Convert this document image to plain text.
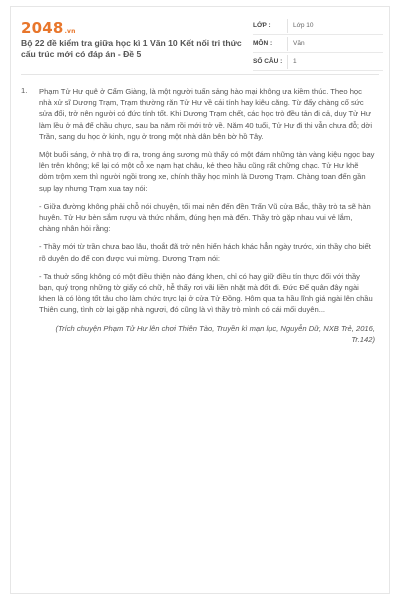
2048.vn
Bộ 22 đề kiểm tra giữa học kì 1 Văn 10 Kết nối tri thức cấu trúc mới có đáp án - Đề 5
LỚP :	Lớp 10
MÔN :	Văn
SỐ CÂU : 1
1. Phạm Tử Hư quê ở Cẩm Giàng, là một người tuấn sảng hào mại không ưa kiềm thúc. Theo học nhà xử sĩ Dương Trạm, Trạm thường răn Tử Hư về cái tính hay kiêu căng. Từ đấy chàng cố sức sửa đổi, trở nên người có đức tính tốt. Khi Dương Trạm chết, các học trò đều tản đi cả, duy Tử Hư làm lều ở mả để chầu chực, sau ba năm rồi mới trở về. Năm 40 tuổi, Tử Hư đi thi vẫn chưa đỗ; dời Trần, sang du học ở kinh, ngụ ở trong một nhà dân bên bờ hồ Tây.

Một buổi sáng, ở nhà trọ đi ra, trong áng sương mù thấy có một đám những tàn vàng kiệu ngọc bay lên trên không; kế lại có một cỗ xe nạm hạt châu, kẻ theo hầu cũng rất chững chạc. Tử Hư khẽ dòm trộm xem thì người ngồi trong xe, chính thầy học mình là Dương Trạm. Chàng toan đến gần sụp lạy nhưng Trạm xua tay nói:

- Giữa đường không phải chỗ nói chuyện, tối mai nên đến đền Trấn Vũ cửa Bắc, thầy trò ta sẽ hàn huyên. Tử Hư bèn sắm rượu và thức nhắm, đúng hẹn mà đến. Thầy trò gặp nhau vui vẻ lắm, chàng nhân hỏi rằng:

- Thầy mới từ trần chưa bao lâu, thoắt đã trở nên hiển hách khác hẳn ngày trước, xin thầy cho biết rõ duyên do để con được vui mừng. Dương Trạm nói:

- Ta thuở sống không có một điều thiện nào đáng khen, chỉ có hay giữ điều tín thực đối với thầy bạn, quý trọng những tờ giấy có chữ, hễ thấy rơi vãi liền nhặt mà đốt đi. Đức Đế quân đây ngài khen là có lòng tốt tâu cho làm chức trực lại ở cửa Tử Đồng. Hôm qua ta hầu lĩnh giá ngài lên chầu Thiên cung, tình cờ lại gặp nhà ngươi, đó cũng là vì thầy trò mình có cái mối duyên...

(Trích chuyện Phạm Tử Hư lên chơi Thiên Tào, Truyền kì mạn lục, Nguyễn Dữ, NXB Trẻ, 2016, Tr.142)
